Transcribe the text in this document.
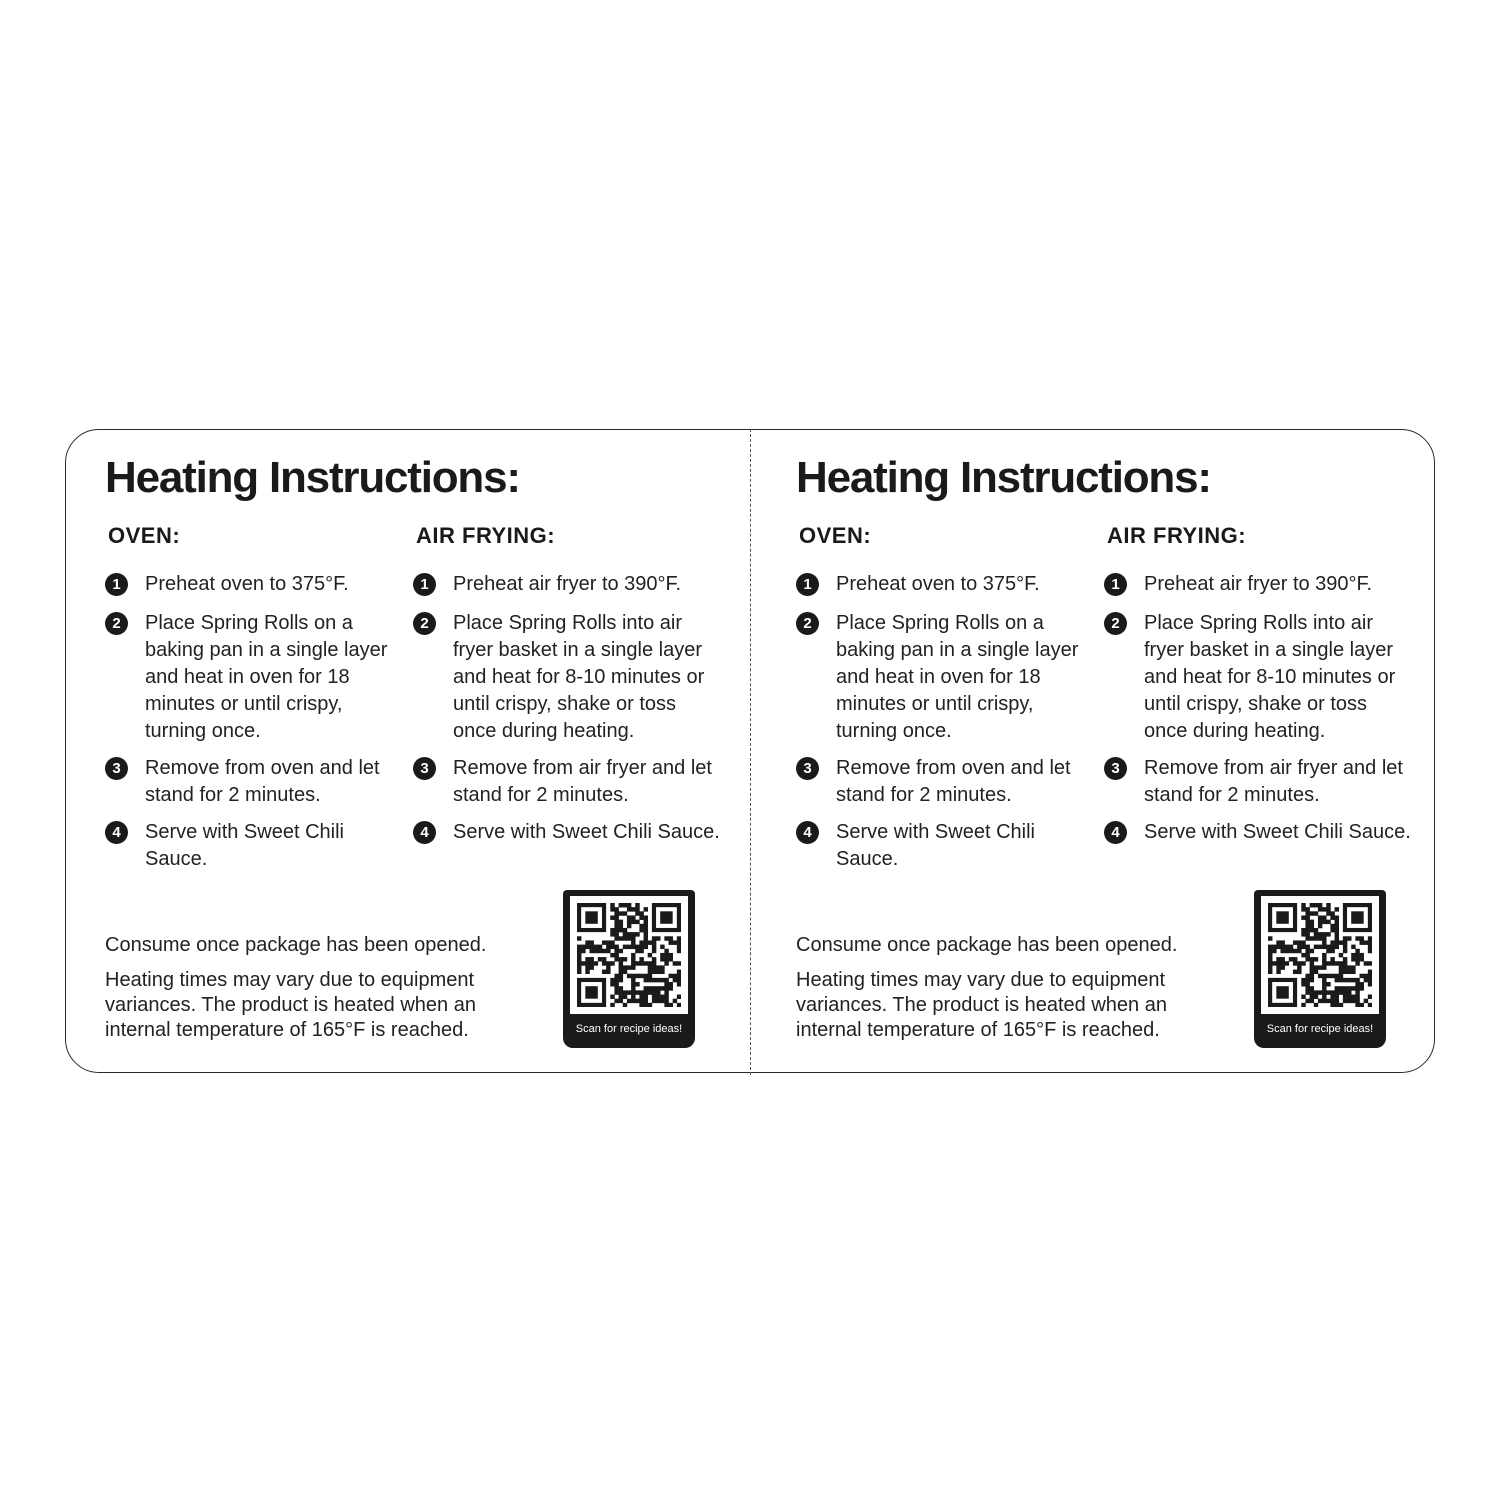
Heating Instructions:
OVEN:
1	Preheat oven to 375°F.
2	Place Spring Rolls on a baking pan in a single layer and heat in oven for 18 minutes or until crispy, turning once.
3	Remove from oven and let stand for 2 minutes.
4	Serve with Sweet Chili Sauce.
AIR FRYING:
1	Preheat air fryer to 390°F.
2	Place Spring Rolls into air fryer basket in a single layer and heat for 8-10 minutes or until crispy, shake or toss once during heating.
3	Remove from air fryer and let stand for 2 minutes.
4	Serve with Sweet Chili Sauce.
Consume once package has been opened.
Heating times may vary due to equipment variances. The product is heated when an internal temperature of 165°F is reached.	Scan for recipe ideas!
Heating Instructions:
OVEN:
1	Preheat oven to 375°F.
2	Place Spring Rolls on a baking pan in a single layer and heat in oven for 18 minutes or until crispy, turning once.
3	Remove from oven and let stand for 2 minutes.
4	Serve with Sweet Chili Sauce.
AIR FRYING:
1	Preheat air fryer to 390°F.
2	Place Spring Rolls into air fryer basket in a single layer and heat for 8-10 minutes or until crispy, shake or toss once during heating.
3	Remove from air fryer and let stand for 2 minutes.
4	Serve with Sweet Chili Sauce.
Consume once package has been opened.
Heating times may vary due to equipment variances. The product is heated when an internal temperature of 165°F is reached.	Scan for recipe ideas!
